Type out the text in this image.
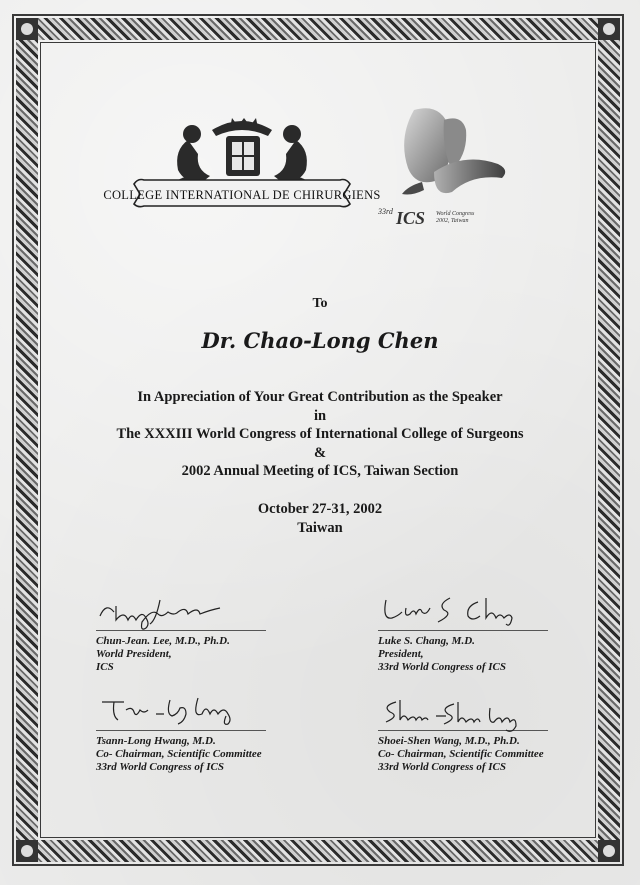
COLLEGE INTERNATIONAL DE CHIRURGIENS
33rd ICS World Congress
2002, Taiwan
To
Dr. Chao-Long Chen
In Appreciation of Your Great Contribution as the Speaker
in
The XXXIII World Congress of International College of Surgeons
&
2002 Annual Meeting of ICS, Taiwan Section
October 27-31, 2002
Taiwan
Chun-Jean. Lee, M.D., Ph.D.
World President,
ICS
Luke S. Chang, M.D.
President,
33rd World Congress of ICS
Tsann-Long Hwang, M.D.
Co- Chairman, Scientific Committee
33rd World Congress of ICS
Shoei-Shen Wang, M.D., Ph.D.
Co- Chairman, Scientific Committee
33rd World Congress of ICS
